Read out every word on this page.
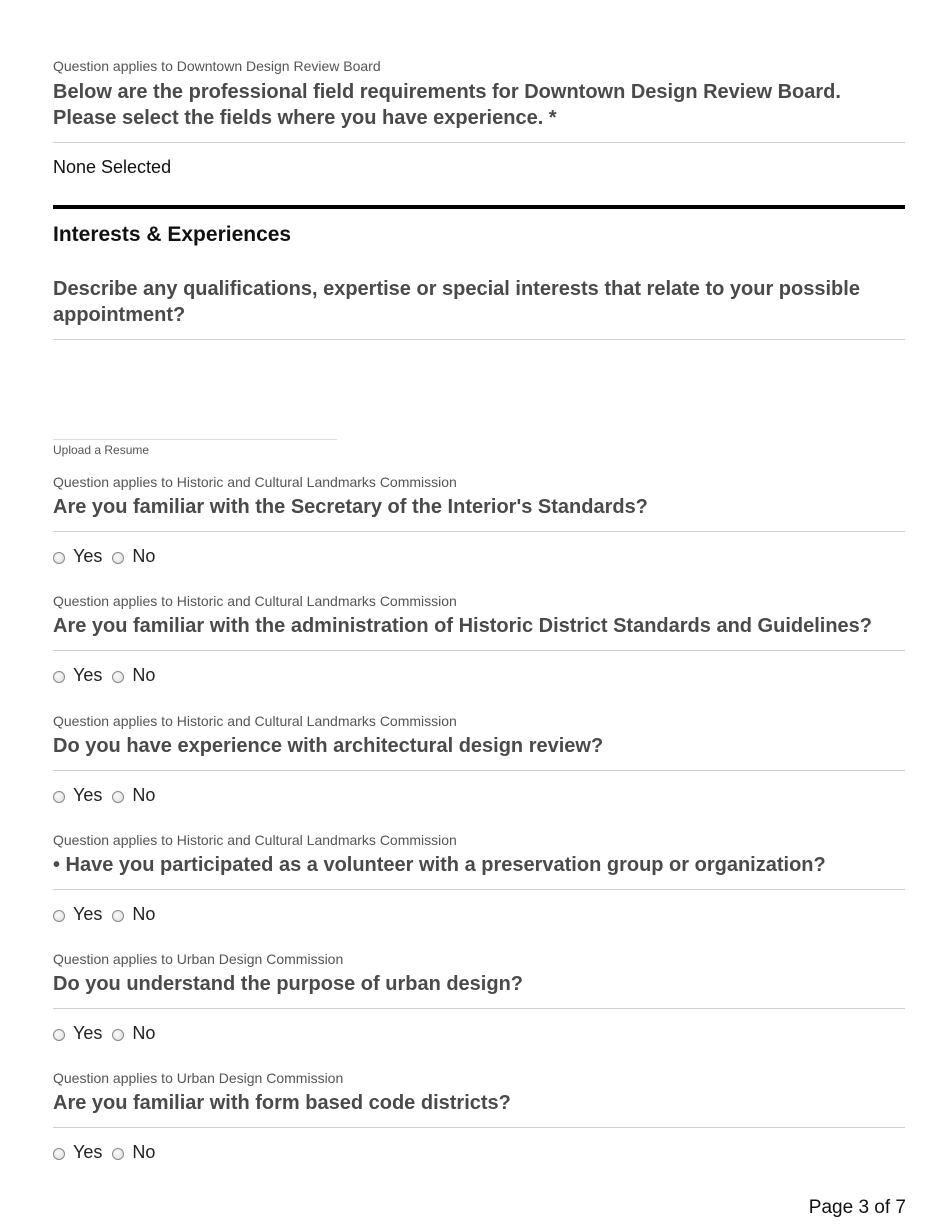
Question applies to Downtown Design Review Board
Below are the professional field requirements for Downtown Design Review Board. Please select the fields where you have experience. *
None Selected
Interests & Experiences
Describe any qualifications, expertise or special interests that relate to your possible appointment?
Upload a Resume
Question applies to Historic and Cultural Landmarks Commission
Are you familiar with the Secretary of the Interior's Standards?
Yes No
Question applies to Historic and Cultural Landmarks Commission
Are you familiar with the administration of Historic District Standards and Guidelines?
Yes No
Question applies to Historic and Cultural Landmarks Commission
Do you have experience with architectural design review?
Yes No
Question applies to Historic and Cultural Landmarks Commission
• Have you participated as a volunteer with a preservation group or organization?
Yes No
Question applies to Urban Design Commission
Do you understand the purpose of urban design?
Yes No
Question applies to Urban Design Commission
Are you familiar with form based code districts?
Yes No
Page 3 of 7
